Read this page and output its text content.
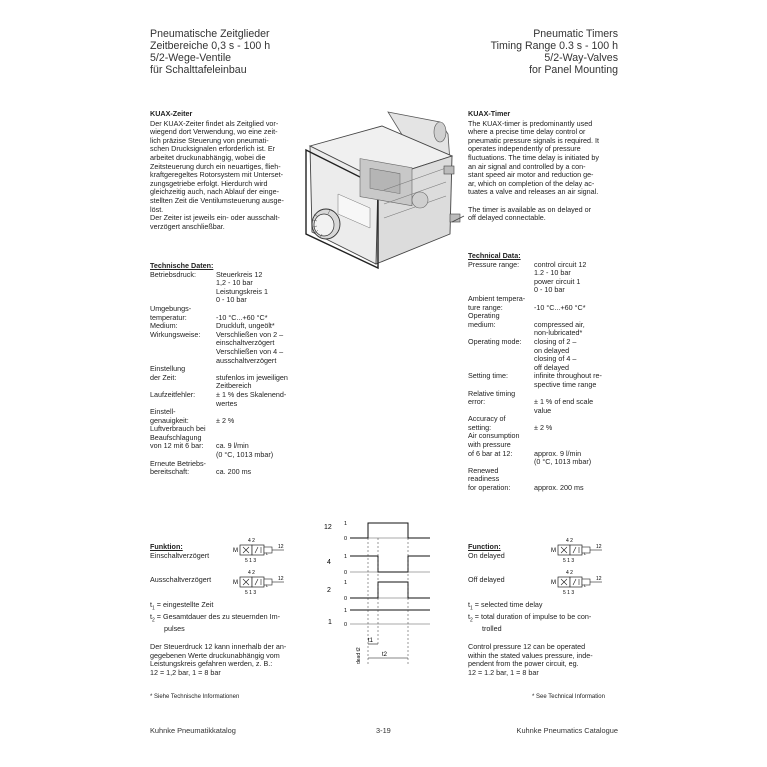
Pneumatische Zeitglieder
Zeitbereiche 0,3 s - 100 h
5/2-Wege-Ventile
für Schalttafeleinbau
Pneumatic Timers
Timing Range 0.3 s - 100 h
5/2-Way-Valves
for Panel Mounting
KUAX-Zeiter
Der KUAX-Zeiter findet als Zeitglied vor-
wiegend dort Verwendung, wo eine zeit-
lich präzise Steuerung von pneumati-
schen Drucksignalen erforderlich ist. Er
arbeitet druckunabhängig, wobei die
Zeitsteuerung durch ein neuartiges, flieh-
kraftgeregeltes Rotorsystem mit Unterset-
zungsgetriebe erfolgt. Hierdurch wird
gleichzeitig auch, nach Ablauf der einge-
stellten Zeit die Ventilumsteuerung ausge-
löst.
Der Zeiter ist jeweils ein- oder ausschalt-
verzögert anschließbar.
Technische Daten:
Betriebsdruck:

Umgebungs-
temperatur:
Medium:
Wirkungsweise:

Einstellung
der Zeit:

Laufzeitfehler:

Einstell-
genauigkeit:
Luftverbrauch bei
Beaufschlagung
von 12 mit 6 bar:

Erneute Betriebs-
bereitschaft:
Steuerkreis 12
1,2 - 10 bar
Leistungskreis 1
0 - 10 bar

-10 °C...+60 °C*
Druckluft, ungeölt*
Verschließen von 2 –
einschaltverzögert
Verschließen von 4 –
ausschaltverzögert

stufenlos im jeweiligen
Zeitbereich
± 1 % des Skalenend-
wertes

± 2 %

ca. 9 l/min
(0 °C, 1013 mbar)

ca. 200 ms
KUAX-Timer
The KUAX-timer is predominantly used
where a precise time delay control or
pneumatic pressure signals is required. It
operates independently of pressure
fluctuations. The time delay is initiated by
an air signal and controlled by a con-
stant speed air motor and reduction ge-
ar, which on completion of the delay ac-
tuates a valve and releases an air signal.

The timer is available as on delayed or
off delayed connectable.
Technical Data:
Pressure range:

Ambient tempera-
ture range:
Operating
medium:

Operating mode:

Setting time:

Relative timing
error:

Accuracy of
setting:
Air consumption
with pressure
of 6 bar at 12:

Renewed
readiness
for operation:
control circuit 12
1.2 - 10 bar
power circuit 1
0 - 10 bar

-10 °C...+60 °C*

compressed air,
non-lubricated*
closing of 2 –
on delayed
closing of 4 –
off delayed
infinite throughout re-
spective time range

± 1 % of end scale
value

± 2 %

approx. 9 l/min
(0 °C, 1013 mbar)

approx. 200 ms
Funktion:
Einschaltverzögert
Ausschaltverzögert
$t_1$ = eingestellte Zeit
$t_2$ = Gesamtdauer des zu steuernden Im-
pulses
Der Steuerdruck 12 kann innerhalb der an-
gegebenen Werte druckunabhängig vom
Leistungskreis gefahren werden, z. B.:
12 = 1,2 bar, 1 = 8 bar
* Siehe Technische Informationen
Function:
On delayed
Off delayed
$t_1$ = selected time delay
$t_2$ = total duration of impulse to be con-
trolled
Control pressure 12 can be operated
within the stated values pressure, inde-
pendent from the power circuit, eg.
12 = 1.2 bar, 1 = 8 bar
* See Technical Information
4 2
M
12
L
5 1 3
4 2
M
12
L
5 1 3
4 2
M
12
L
5 1 3
4 2
M
12
L
5 1 3
12 1
0
4
1
0
2
1
0
1
1
0
t1
t2
dead t2
Kuhnke Pneumatikkatalog	3-19	Kuhnke Pneumatics Catalogue
